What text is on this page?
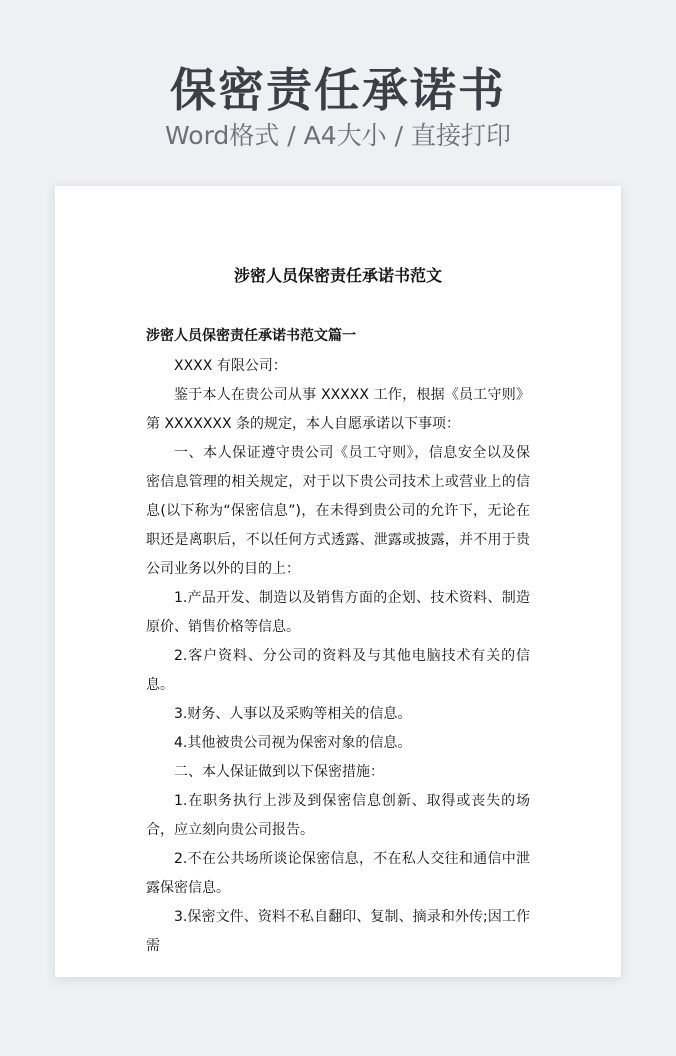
保密责任承诺书
Word格式 / A4大小 / 直接打印
涉密人员保密责任承诺书范文

涉密人员保密责任承诺书范文篇一

XXXX 有限公司：

鉴于本人在贵公司从事 XXXXX 工作，根据《员工守则》第 XXXXXXX 条的规定，本人自愿承诺以下事项：

一、本人保证遵守贵公司《员工守则》，信息安全以及保密信息管理的相关规定，对于以下贵公司技术上或营业上的信息(以下称为“保密信息”)，在未得到贵公司的允许下，无论在职还是离职后，不以任何方式透露、泄露或披露，并不用于贵公司业务以外的目的上：

1.产品开发、制造以及销售方面的企划、技术资料、制造原价、销售价格等信息。

2.客户资料、分公司的资料及与其他电脑技术有关的信息。

3.财务、人事以及采购等相关的信息。

4.其他被贵公司视为保密对象的信息。

二、本人保证做到以下保密措施：

1.在职务执行上涉及到保密信息创新、取得或丧失的场合，应立刻向贵公司报告。

2.不在公共场所谈论保密信息，不在私人交往和通信中泄露保密信息。

3.保密文件、资料不私自翻印、复制、摘录和外传;因工作需
